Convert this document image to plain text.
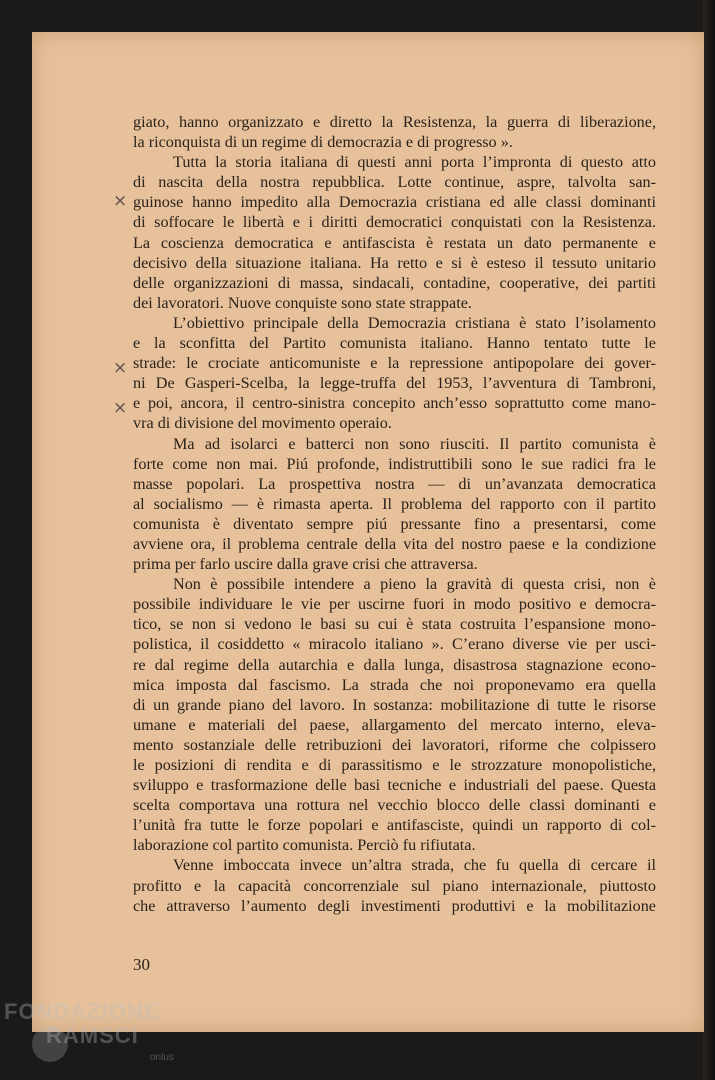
giato, hanno organizzato e diretto la Resistenza, la guerra di liberazione,
la riconquista di un regime di democrazia e di progresso ».
Tutta la storia italiana di questi anni porta l’impronta di questo atto
di nascita della nostra repubblica. Lotte continue, aspre, talvolta san-
guinose hanno impedito alla Democrazia cristiana ed alle classi dominanti
di soffocare le libertà e i diritti democratici conquistati con la Resistenza.
La coscienza democratica e antifascista è restata un dato permanente e
decisivo della situazione italiana. Ha retto e si è esteso il tessuto unitario
delle organizzazioni di massa, sindacali, contadine, cooperative, dei partiti
dei lavoratori. Nuove conquiste sono state strappate.
L’obiettivo principale della Democrazia cristiana è stato l’isolamento
e la sconfitta del Partito comunista italiano. Hanno tentato tutte le
strade: le crociate anticomuniste e la repressione antipopolare dei gover-
ni De Gasperi-Scelba, la legge-truffa del 1953, l’avventura di Tambroni,
e poi, ancora, il centro-sinistra concepito anch’esso soprattutto come mano-
vra di divisione del movimento operaio.
Ma ad isolarci e batterci non sono riusciti. Il partito comunista è
forte come non mai. Piú profonde, indistruttibili sono le sue radici fra le
masse popolari. La prospettiva nostra — di un’avanzata democratica
al socialismo — è rimasta aperta. Il problema del rapporto con il partito
comunista è diventato sempre piú pressante fino a presentarsi, come
avviene ora, il problema centrale della vita del nostro paese e la condizione
prima per farlo uscire dalla grave crisi che attraversa.
Non è possibile intendere a pieno la gravità di questa crisi, non è
possibile individuare le vie per uscirne fuori in modo positivo e democra-
tico, se non si vedono le basi su cui è stata costruita l’espansione mono-
polistica, il cosiddetto « miracolo italiano ». C’erano diverse vie per usci-
re dal regime della autarchia e dalla lunga, disastrosa stagnazione econo-
mica imposta dal fascismo. La strada che noi proponevamo era quella
di un grande piano del lavoro. In sostanza: mobilitazione di tutte le risorse
umane e materiali del paese, allargamento del mercato interno, eleva-
mento sostanziale delle retribuzioni dei lavoratori, riforme che colpissero
le posizioni di rendita e di parassitismo e le strozzature monopolistiche,
sviluppo e trasformazione delle basi tecniche e industriali del paese. Questa
scelta comportava una rottura nel vecchio blocco delle classi dominanti e
l’unità fra tutte le forze popolari e antifasciste, quindi un rapporto di col-
laborazione col partito comunista. Perciò fu rifiutata.
Venne imboccata invece un’altra strada, che fu quella di cercare il
profitto e la capacità concorrenziale sul piano internazionale, piuttosto
che attraverso l’aumento degli investimenti produttivi e la mobilitazione
×
×
×
30
FONDAZIONE
RAMSCI
onlus
